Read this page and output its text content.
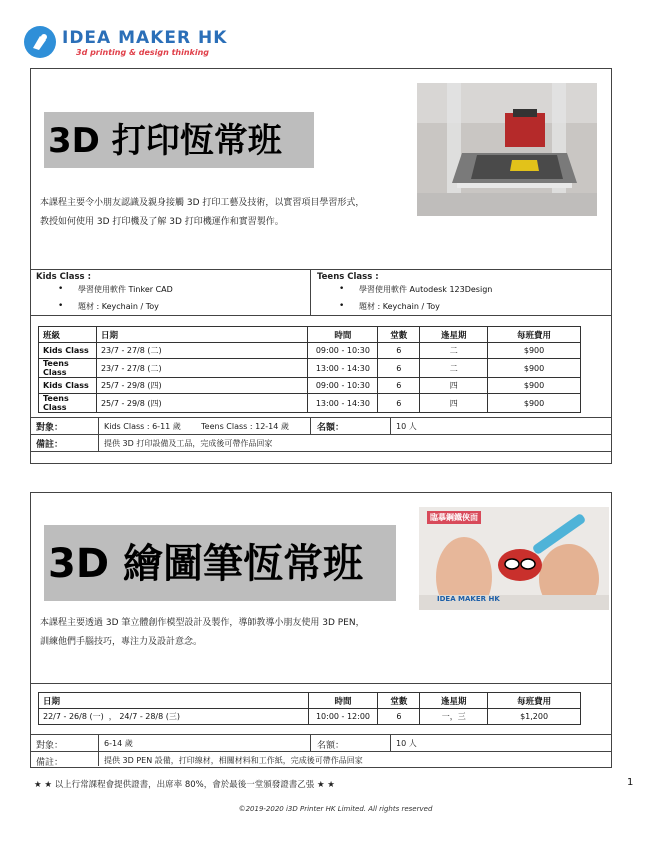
IDEA MAKER HK
3d printing & design thinking
3D 打印恆常班
本課程主要令小朋友認識及親身接觸 3D 打印工藝及技術，以實習項目學習形式，
教授如何使用 3D 打印機及了解 3D 打印機運作和實習製作。
Kids Class :
• 學習使用軟件 Tinker CAD
• 題材 : Keychain / Toy
Teens Class :
• 學習使用軟件 Autodesk 123Design
• 題材 : Keychain / Toy
班級	日期	時間	堂數	逢星期	每班費用
Kids Class	23/7 - 27/8 (二)	09:00 - 10:30	6	二	$900
Teens Class	23/7 - 27/8 (二)	13:00 - 14:30	6	二	$900
Kids Class	25/7 - 29/8 (四)	09:00 - 10:30	6	四	$900
Teens Class	25/7 - 29/8 (四)	13:00 - 14:30	6	四	$900
對象：	Kids Class : 6-11 歲        Teens Class : 12-14 歲	名額：	10 人
備註：	提供 3D 打印設備及工品，完成後可帶作品回家
3D 繪圖筆恆常班
臨摹鋼鐵俠面
IDEA MAKER HK
本課程主要透過 3D 筆立體創作模型設計及製作，導師教導小朋友使用 3D PEN，
訓練他們手腦技巧，專注力及設計意念。
日期	時間	堂數	逢星期	每班費用
22/7 - 26/8 (一)  ， 24/7 - 28/8 (三)	10:00 - 12:00	6	一，三	$1,200
對象：	6-14 歲	名額：	10 人
備註：	提供 3D PEN 設備，打印線材，相關材料和工作紙，完成後可帶作品回家
★ ★ 以上行常課程會提供證書，出席率 80%，會於最後一堂頒發證書乙張 ★ ★	1
©2019-2020 i3D Printer HK Limited. All rights reserved
